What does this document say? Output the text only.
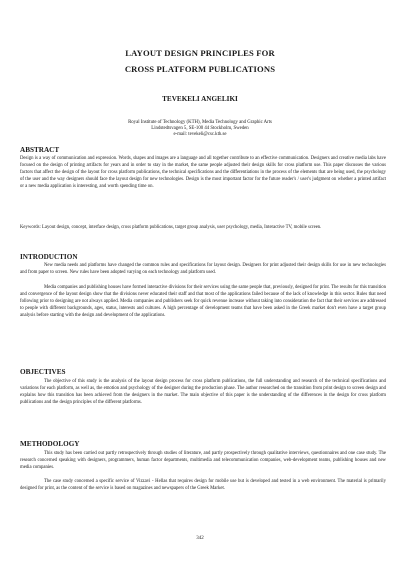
LAYOUT DESIGN PRINCIPLES FOR
CROSS PLATFORM PUBLICATIONS
TEVEKELI ANGELIKI
Royal Institute of Technology (KTH), Media Technology and Graphic Arts
Lindstedtsvagen 5, SE-100 44 Stockholm, Sweden
e-mail: tevekeli@csc.kth.se
ABSTRACT

Design is a way of communication and expression. Words, shapes and images are a language and all together contribute to an effective communication. Designers and creative media labs have focused on the design of printing artifacts for years and in order to stay in the market, the same people adjusted their design skills for cross platform use. This paper discusses the various factors that affect the design of the layout for cross platform publications, the technical specifications and the differentiations in the process of the elements that are being used, the psychology of the user and the way designers should face the layout design for new technologies. Design is the most important factor for the future reader's / user's judgment on whether a printed artifact or a new media application is interesting, and worth spending time on.

Keywords: Layout design, concept, interface design, cross platform publications, target group analysis, user psychology, media, Interactive TV, mobile screen.

INTRODUCTION

New media needs and platforms have changed the common rules and specifications for layout design. Designers for print adjusted their design skills for use in new technologies and from paper to screen. New rules have been adopted varying on each technology and platform used.

Media companies and publishing houses have formed interactive divisions for their services using the same people that, previously, designed for print. The results for this transition and convergence of the layout design show that the divisions never educated their staff and that most of the applications failed because of the lack of knowledge in this sector. Rules that need following prior to designing are not always applied. Media companies and publishers seek for quick revenue increase without taking into consideration the fact that their services are addressed to people with different backgrounds, ages, status, interests and cultures. A high percentage of development teams that have been asked in the Greek market don't even have a target group analysis before starting with the design and development of the applications.

OBJECTIVES

The objective of this study is the analysis of the layout design process for cross platform publications, the full understanding and research of the technical specifications and variations for each platform, as well as, the emotion and psychology of the designer during the production phase. The author researched on the transition from print design to screen design and explains how this transition has been achieved from the designers in the market. The main objective of this paper is the understanding of the differences in the design for cross platform publications and the design principles of the different platforms.

METHODOLOGY

This study has been carried out partly retrospectively through studies of literature, and partly prospectively through qualitative interviews, questionnaires and one case study. The research concerned speaking with designers, programmers, human factor departments, multimedia and telecommunication companies, web-development teams, publishing houses and new media companies.

The case study concerned a specific service of Vizzavi - Hellas that requires design for mobile use but is developed and tested in a web environment. The material is primarily designed for print, as the content of the service is based on magazines and newspapers of the Greek Market.

342
